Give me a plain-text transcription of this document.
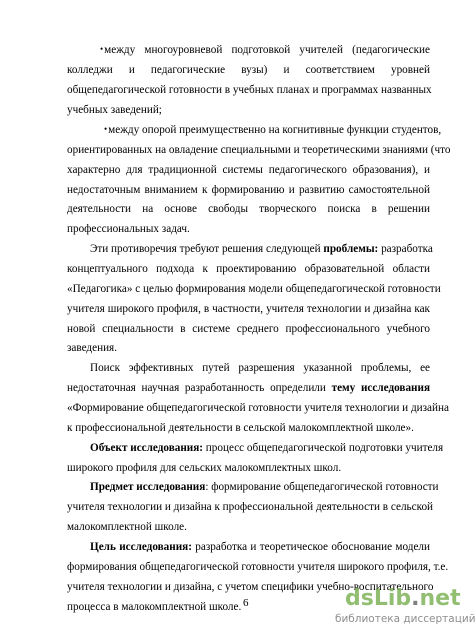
•между многоуровневой подготовкой учителей (педагогические

колледжи и педагогические вузы) и соответствием уровней

общепедагогической готовности в учебных планах и программах названных

учебных заведений;

•между опорой преимущественно на когнитивные функции студентов,

ориентированных на овладение специальными и теоретическими знаниями (что

характерно для традиционной системы педагогического образования), и

недостаточным вниманием к формированию и развитию самостоятельной

деятельности на основе свободы творческого поиска в решении

профессиональных задач.

Эти противоречия требуют решения следующей проблемы: разработка

концептуального подхода к проектированию образовательной области

«Педагогика» с целью формирования модели общепедагогической готовности

учителя широкого профиля, в частности, учителя технологии и дизайна как

новой специальности в системе среднего профессионального учебного

заведения.

Поиск эффективных путей разрешения указанной проблемы, ее

недостаточная научная разработанность определили тему исследования

«Формирование общепедагогической готовности учителя технологии и дизайна

к профессиональной деятельности в сельской малокомплектной школе».

Объект исследования: процесс общепедагогической подготовки учителя

широкого профиля для сельских малокомплектных школ.

Предмет исследования: формирование общепедагогической готовности

учителя технологии и дизайна к профессиональной деятельности в сельской

малокомплектной школе.

Цель исследования: разработка и теоретическое обоснование модели

формирования общепедагогической готовности учителя широкого профиля, т.е.

учителя технологии и дизайна, с учетом специфики учебно-воспитательного

процесса в малокомплектной школе. 6	dsLib.net
библиотека диссертаций
